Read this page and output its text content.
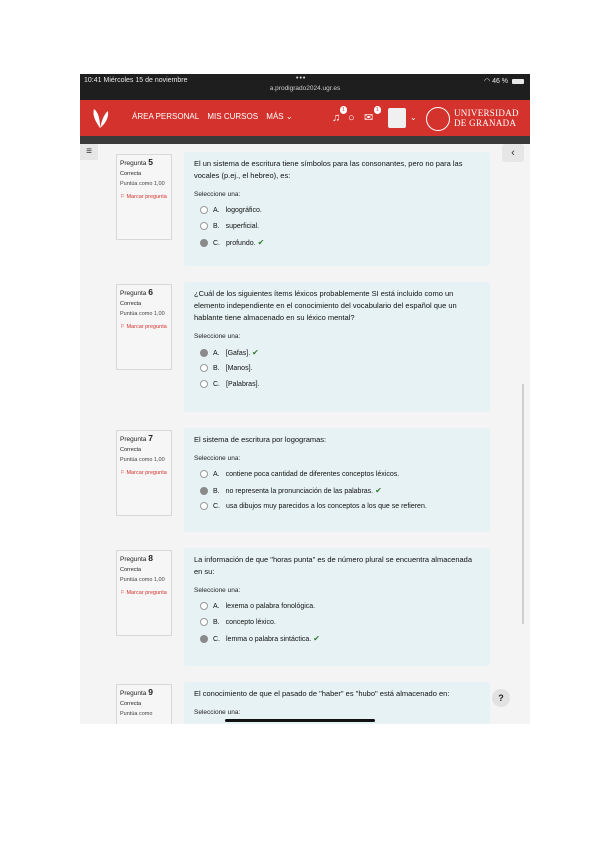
10:41 Miércoles 15 de noviembre	•••
a.prodigrado2024.ugr.es
◠ 46 %
ÁREA PERSONAL MIS CURSOS MÁS ⌄	♫
1
○ ✉
1
⌄	UNIVERSIDAD
DE GRANADA
≡	‹
Pregunta 5
Correcta
Puntúa como 1,00
⚐ Marcar pregunta
El un sistema de escritura tiene símbolos para las consonantes, pero no para las vocales (p.ej., el hebreo), es:
Seleccione una:
A. logográfico.
B. superficial.
C. profundo. ✔
Pregunta 6
Correcta
Puntúa como 1,00
⚐ Marcar pregunta
¿Cuál de los siguientes ítems léxicos probablemente SI está incluido como un elemento independiente en el conocimiento del vocabulario del español que un hablante tiene almacenado en su léxico mental?
Seleccione una:
A. [Gafas]. ✔
B. [Manos].
C. [Palabras].
Pregunta 7
Correcta
Puntúa como 1,00
⚐ Marcar pregunta
El sistema de escritura por logogramas:
Seleccione una:
A. contiene poca cantidad de diferentes conceptos léxicos.
B. no representa la pronunciación de las palabras. ✔
C. usa dibujos muy parecidos a los conceptos a los que se refieren.
Pregunta 8
Correcta
Puntúa como 1,00
⚐ Marcar pregunta
La información de que "horas punta" es de número plural se encuentra almacenada en su:
Seleccione una:
A. lexema o palabra fonológica.
B. concepto léxico.
C. lemma o palabra sintáctica. ✔
Pregunta 9
Correcta
Puntúa como
El conocimiento de que el pasado de "haber" es "hubo" está almacenado en:
Seleccione una:
?
